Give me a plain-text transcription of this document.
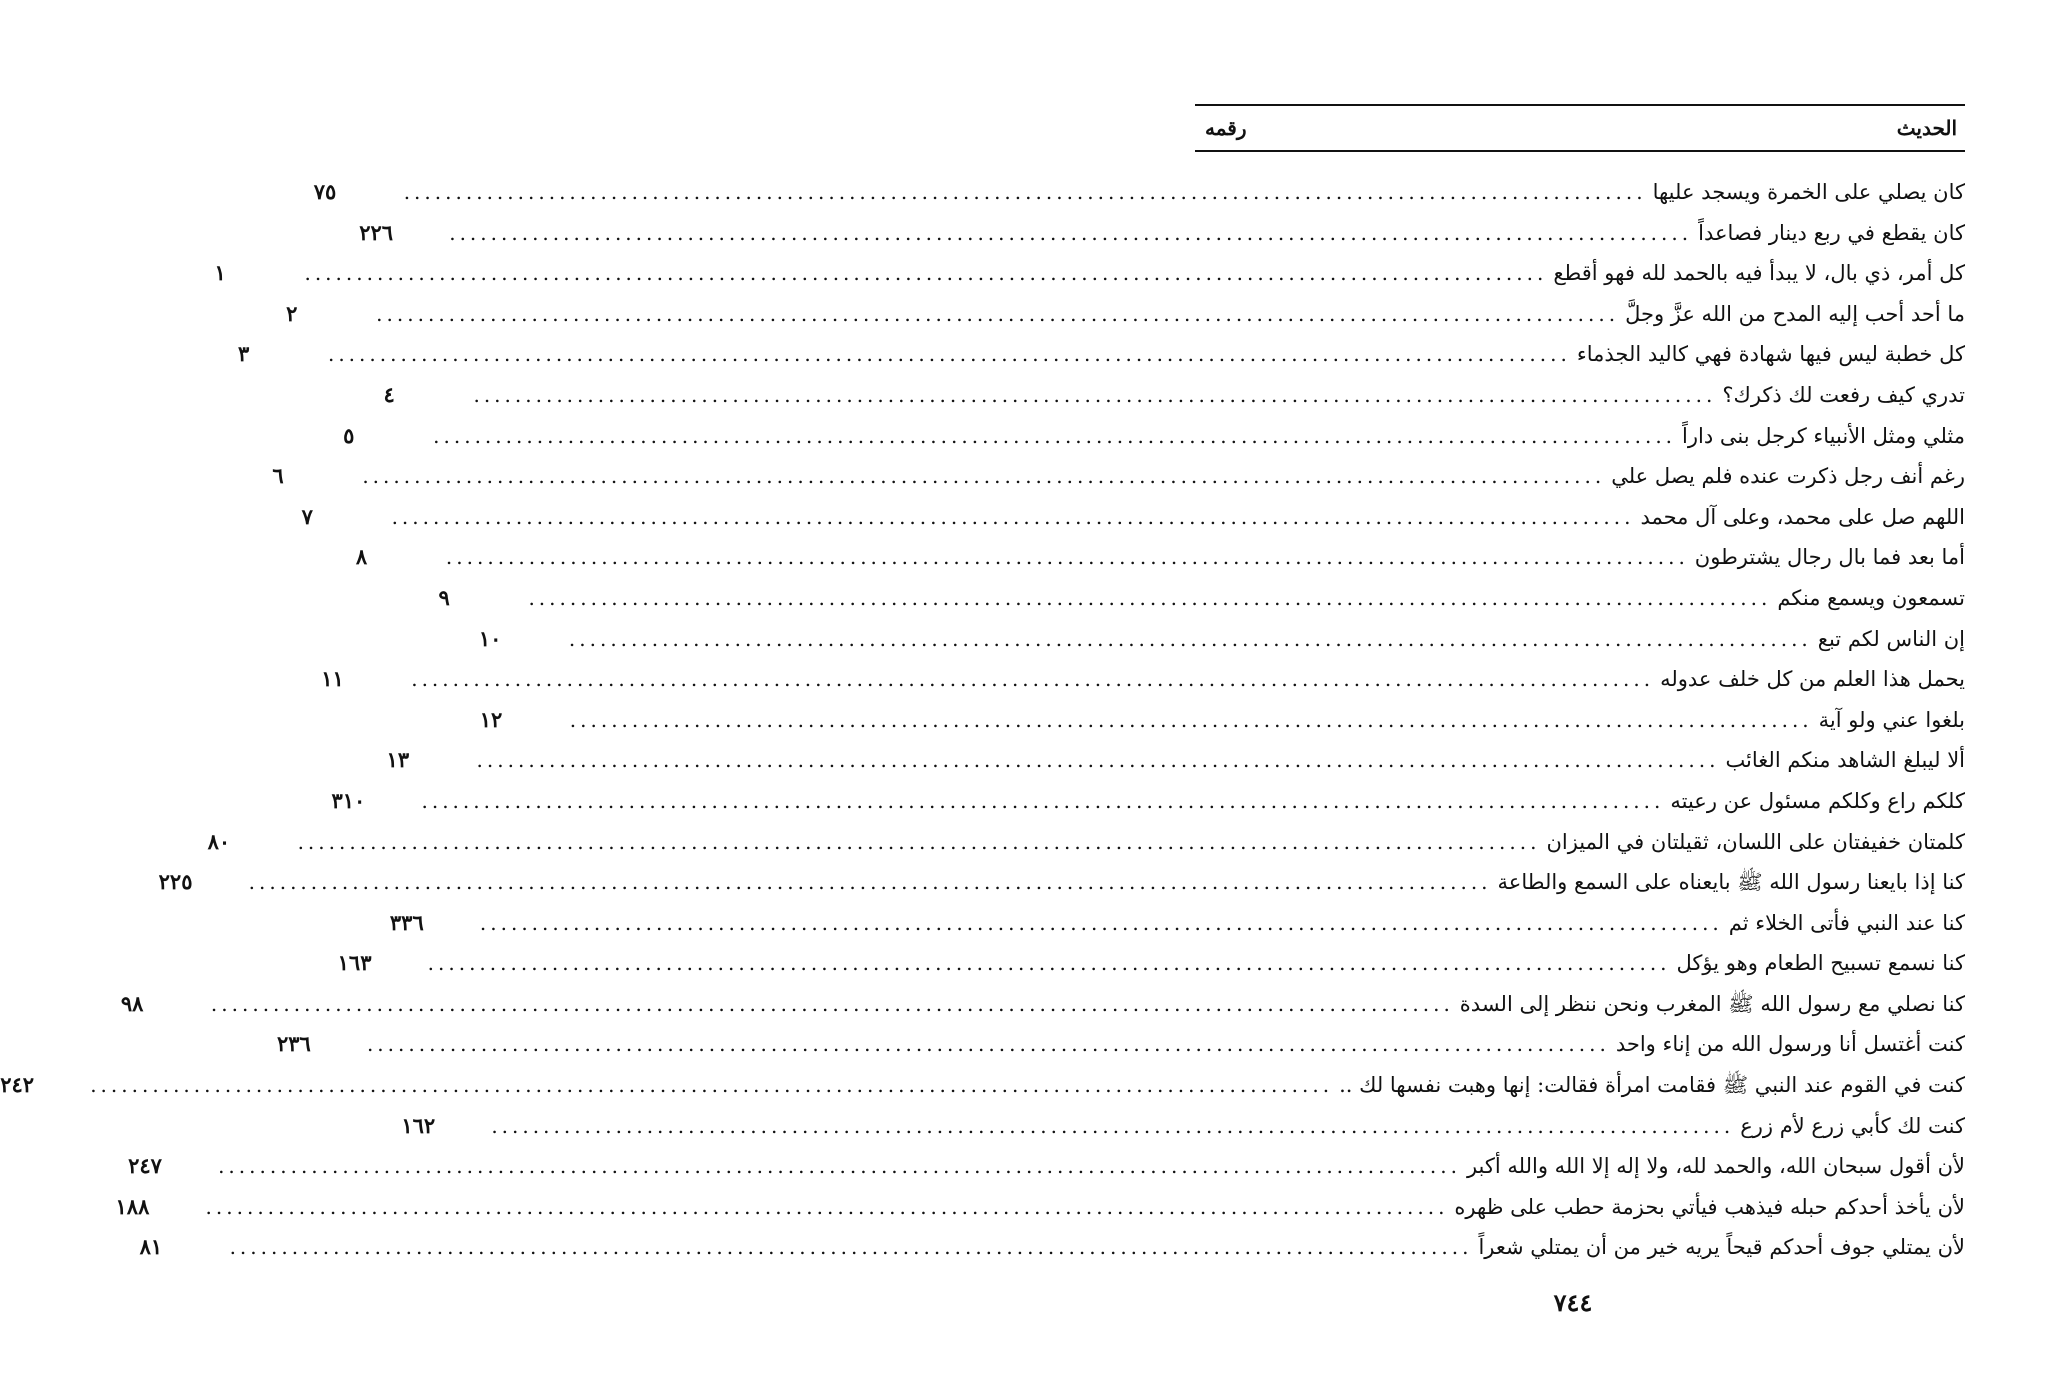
الحديث
رقمه
كان يصلي على الخمرة ويسجد عليها
........................................................................................................................
٧٥
كان يقطع في ربع دينار فصاعداً
........................................................................................................................
٢٢٦
كل أمر، ذي بال، لا يبدأ فيه بالحمد لله فهو أقطع
........................................................................................................................
١
ما أحد أحب إليه المدح من الله عزَّ وجلَّ
........................................................................................................................
٢
كل خطبة ليس فيها شهادة فهي كاليد الجذماء
........................................................................................................................
٣
تدري كيف رفعت لك ذكرك؟
........................................................................................................................
٤
مثلي ومثل الأنبياء كرجل بنى داراً
........................................................................................................................
٥
رغم أنف رجل ذكرت عنده فلم يصل علي
........................................................................................................................
٦
اللهم صل على محمد، وعلى آل محمد
........................................................................................................................
٧
أما بعد فما بال رجال يشترطون
........................................................................................................................
٨
تسمعون ويسمع منكم
........................................................................................................................
٩
إن الناس لكم تبع
........................................................................................................................
١٠
يحمل هذا العلم من كل خلف عدوله
........................................................................................................................
١١
بلغوا عني ولو آية
........................................................................................................................
١٢
ألا ليبلغ الشاهد منكم الغائب
........................................................................................................................
١٣
كلكم راع وكلكم مسئول عن رعيته
........................................................................................................................
٣١٠
كلمتان خفيفتان على اللسان، ثقيلتان في الميزان
........................................................................................................................
٨٠
كنا إذا بايعنا رسول الله ﷺ بايعناه على السمع والطاعة
........................................................................................................................
٢٢٥
كنا عند النبي فأتى الخلاء ثم
........................................................................................................................
٣٣٦
كنا نسمع تسبيح الطعام وهو يؤكل
........................................................................................................................
١٦٣
كنا نصلي مع رسول الله ﷺ المغرب ونحن ننظر إلى السدة
........................................................................................................................
٩٨
كنت أغتسل أنا ورسول الله من إناء واحد
........................................................................................................................
٢٣٦
كنت في القوم عند النبي ﷺ فقامت امرأة فقالت: إنها وهبت نفسها لك ..
........................................................................................................................
٢٤٢
كنت لك كأبي زرع لأم زرع
........................................................................................................................
١٦٢
لأن أقول سبحان الله، والحمد لله، ولا إله إلا الله والله أكبر
........................................................................................................................
٢٤٧
لأن يأخذ أحدكم حبله فيذهب فيأتي بحزمة حطب على ظهره
........................................................................................................................
١٨٨
لأن يمتلي جوف أحدكم قيحاً يريه خير من أن يمتلي شعراً
........................................................................................................................
٨١
٧٤٤
